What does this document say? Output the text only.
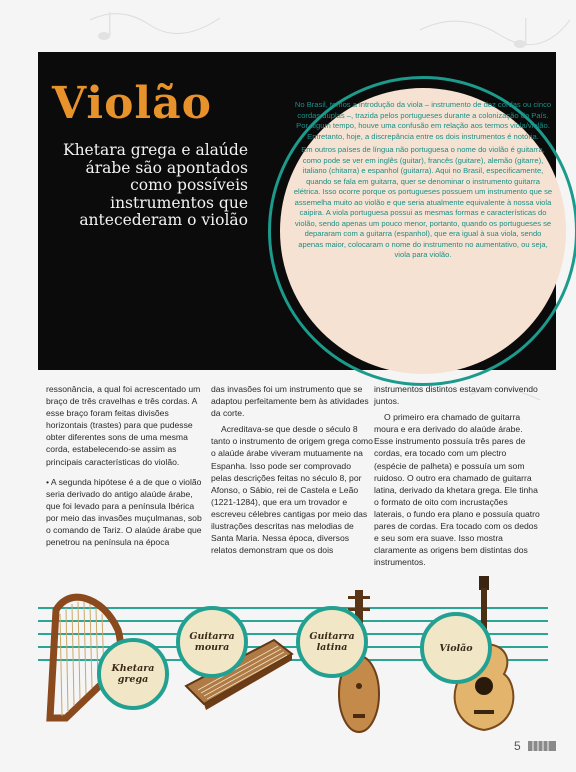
Violão
Khetara grega e alaúde árabe são apontados como possíveis instrumentos que antecederam o violão

No Brasil, temos a introdução da viola – instrumento de dez cordas ou cinco cordas duplas –, trazida pelos portugueses durante a colonização do País. Por algum tempo, houve uma confusão em relação aos termos viola/violão. Entretanto, hoje, a discrepância entre os dois instrumentos é notória.

Em outros países de língua não portuguesa o nome do violão é guitarra, como pode se ver em inglês (guitar), francês (guitare), alemão (gitarre), italiano (chitarra) e espanhol (guitarra). Aqui no Brasil, especificamente, quando se fala em guitarra, quer se denominar o instrumento guitarra elétrica. Isso ocorre porque os portugueses possuem um instrumento que se assemelha muito ao violão e que seria atualmente equivalente à nossa viola caipira. A viola portuguesa possui as mesmas formas e características do violão, sendo apenas um pouco menor, portanto, quando os portugueses se depararam com a guitarra (espanhol), que era igual à sua viola, sendo apenas maior, colocaram o nome do instrumento no aumentativo, ou seja, viola para violão.

ressonância, a qual foi acrescentado um braço de três cravelhas e três cordas. A esse braço foram feitas divisões horizontais (trastes) para que pudesse obter diferentes sons de uma mesma corda, estabelecendo-se assim as principais características do violão.

• A segunda hipótese é a de que o violão seria derivado do antigo alaúde árabe, que foi levado para a península Ibérica por meio das invasões muçulmanas, sob o comando de Tariz. O alaúde árabe que penetrou na península na época

das invasões foi um instrumento que se adaptou perfeitamente bem às atividades da corte.

Acreditava-se que desde o século 8 tanto o instrumento de origem grega como o alaúde árabe viveram mutuamente na Espanha. Isso pode ser comprovado pelas descrições feitas no século 8, por Afonso, o Sábio, rei de Castela e Leão (1221-1284), que era um trovador e escreveu célebres cantigas por meio das ilustrações descritas nas melodias de Santa Maria. Nessa época, diversos relatos demonstram que os dois

instrumentos distintos estavam convivendo juntos.

O primeiro era chamado de guitarra moura e era derivado do alaúde árabe. Esse instrumento possuía três pares de cordas, era tocado com um plectro (espécie de palheta) e possuía um som ruidoso. O outro era chamado de guitarra latina, derivado da khetara grega. Ele tinha o formato de oito com incrustações laterais, o fundo era plano e possuía quatro pares de cordas. Era tocado com os dedos e seu som era suave. Isso mostra claramente as origens bem distintas dos instrumentos.

Khetara grega
Guitarra moura
Guitarra latina	Violão
5
